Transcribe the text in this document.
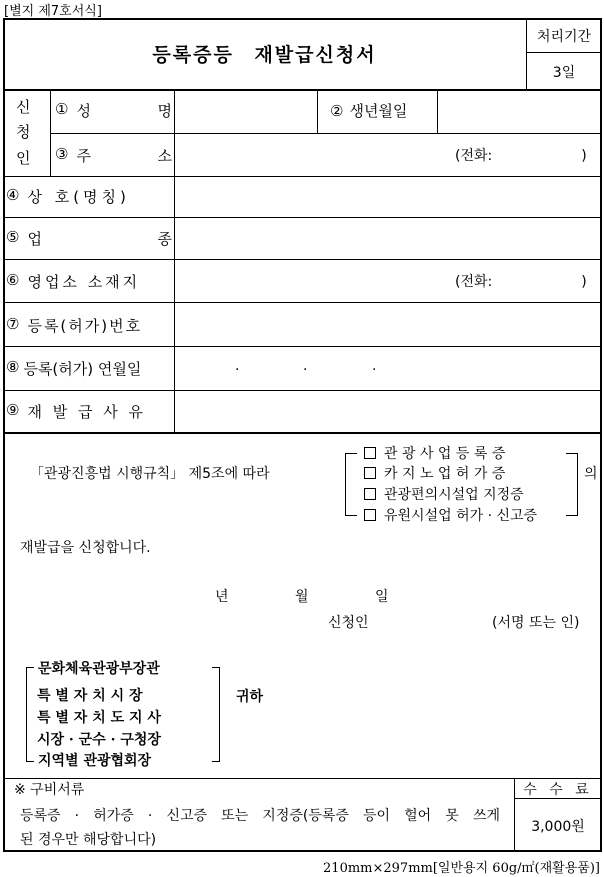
[별지 제7호서식]
등록증등 재발급신청서
처리기간
3일
신
청
인
① 성 명	② 생년월일
③ 주 소	(전화:                    )
④ 상 호(명칭)
⑤ 업 종
⑥ 영업소 소재지	(전화:                    )
⑦ 등록(허가)번호
⑧ 등록(허가) 연월일	.	.	.
⑨ 재 발 급 사 유
「관광진흥법 시행규칙」 제5조에 따라
관 광 사 업 등 록 증
카 지 노 업 허 가 증
관광편의시설업 지정증
유원시설업 허가 · 신고증
의
재발급을 신청합니다.
년	월	일
신청인	(서명 또는 인)
문화체육관광부장관
특 별 자 치 시 장
특 별 자 치 도 지 사
시장 · 군수 · 구청장
지역별 관광협회장
귀하
※ 구비서류
등록증 · 허가증 · 신고증 또는 지정증(등록증 등이 헐어 못 쓰게
된 경우만 해당합니다)
수 수 료
3,000원
210mm×297mm[일반용지 60g/㎡(재활용품)]
